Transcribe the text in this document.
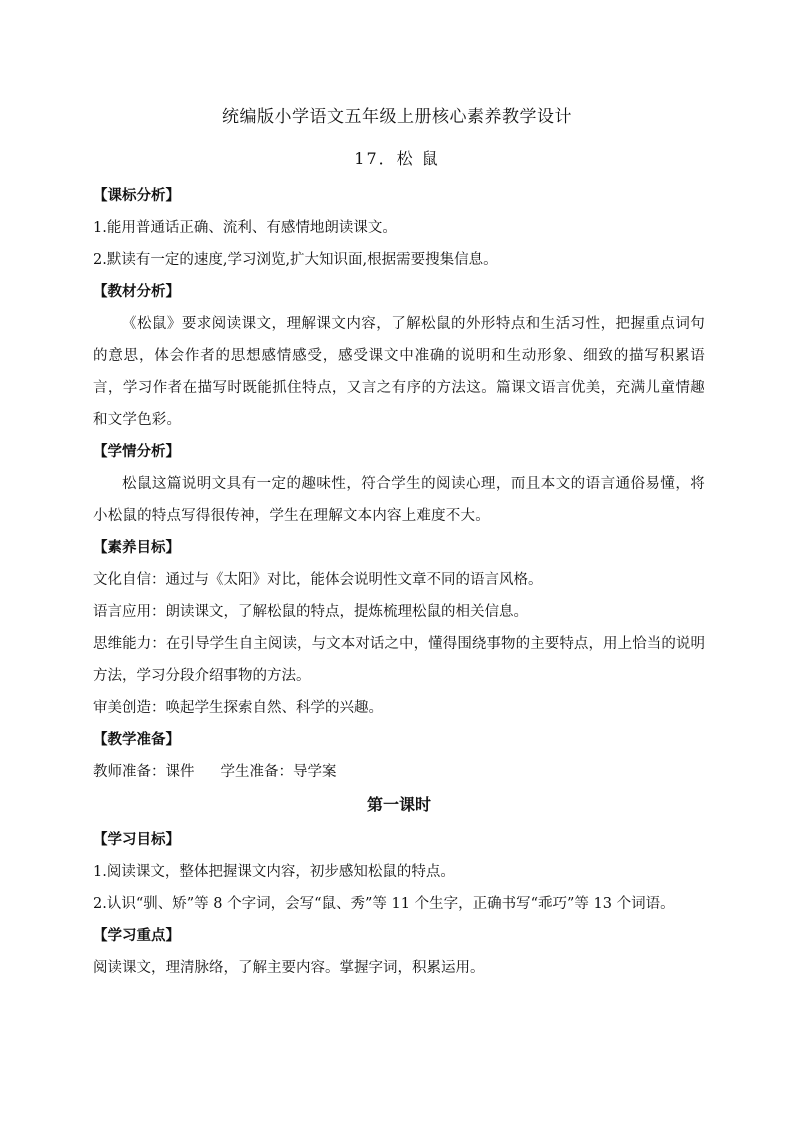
统编版小学语文五年级上册核心素养教学设计
17．松 鼠
【课标分析】
1.能用普通话正确、流利、有感情地朗读课文。
2.默读有一定的速度,学习浏览,扩大知识面,根据需要搜集信息。
【教材分析】
《松鼠》要求阅读课文，理解课文内容，了解松鼠的外形特点和生活习性，把握重点词句的意思，体会作者的思想感情感受，感受课文中准确的说明和生动形象、细致的描写积累语言，学习作者在描写时既能抓住特点，又言之有序的方法这。篇课文语言优美，充满儿童情趣和文学色彩。
【学情分析】
松鼠这篇说明文具有一定的趣味性，符合学生的阅读心理，而且本文的语言通俗易懂，将小松鼠的特点写得很传神，学生在理解文本内容上难度不大。
【素养目标】
文化自信：通过与《太阳》对比，能体会说明性文章不同的语言风格。
语言应用：朗读课文，了解松鼠的特点，提炼梳理松鼠的相关信息。
思维能力：在引导学生自主阅读，与文本对话之中，懂得围绕事物的主要特点，用上恰当的说明方法，学习分段介绍事物的方法。
审美创造：唤起学生探索自然、科学的兴趣。
【教学准备】
教师准备：课件 学生准备：导学案
第一课时
【学习目标】
1.阅读课文，整体把握课文内容，初步感知松鼠的特点。
2.认识“驯、矫”等 8 个字词，会写“鼠、秀”等 11 个生字，正确书写“乖巧”等 13 个词语。
【学习重点】
阅读课文，理清脉络，了解主要内容。掌握字词，积累运用。
